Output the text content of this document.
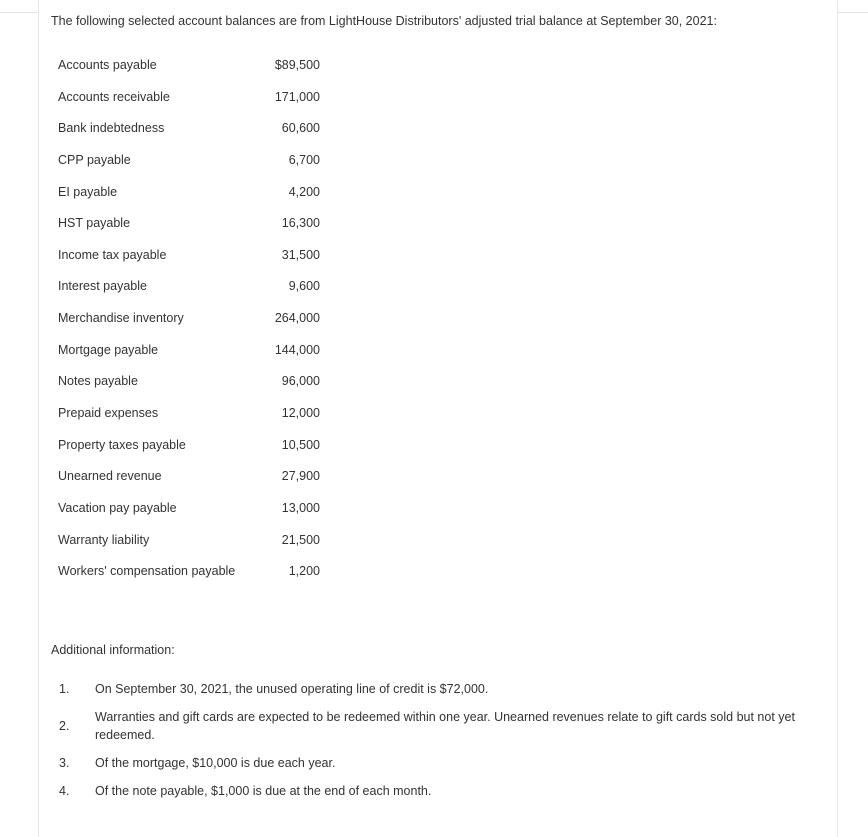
The following selected account balances are from LightHouse Distributors' adjusted trial balance at September 30, 2021:
Accounts payable	$89,500
Accounts receivable	171,000
Bank indebtedness	60,600
CPP payable	6,700
EI payable	4,200
HST payable	16,300
Income tax payable	31,500
Interest payable	9,600
Merchandise inventory	264,000
Mortgage payable	144,000
Notes payable	96,000
Prepaid expenses	12,000
Property taxes payable	10,500
Unearned revenue	27,900
Vacation pay payable	13,000
Warranty liability	21,500
Workers' compensation payable	1,200
Additional information:
1.	On September 30, 2021, the unused operating line of credit is $72,000.
2.
Warranties and gift cards are expected to be redeemed within one year. Unearned revenues relate to gift cards sold but not yet redeemed.
3.	Of the mortgage, $10,000 is due each year.
4.	Of the note payable, $1,000 is due at the end of each month.
